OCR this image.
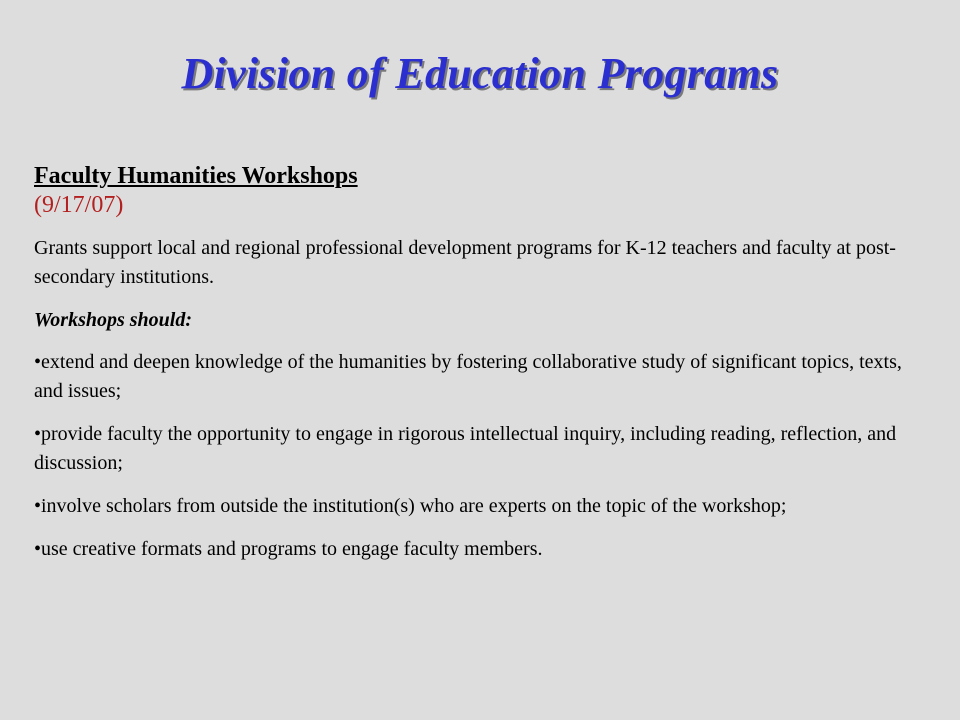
Division of Education Programs

Faculty Humanities Workshops

(9/17/07)

Grants support local and regional professional development programs for K-12 teachers and faculty at post-secondary institutions.

Workshops should:

•extend and deepen knowledge of the humanities by fostering collaborative study of significant topics, texts, and issues;

•provide faculty the opportunity to engage in rigorous intellectual inquiry, including reading, reflection, and discussion;

•involve scholars from outside the institution(s) who are experts on the topic of the workshop;

•use creative formats and programs to engage faculty members.
